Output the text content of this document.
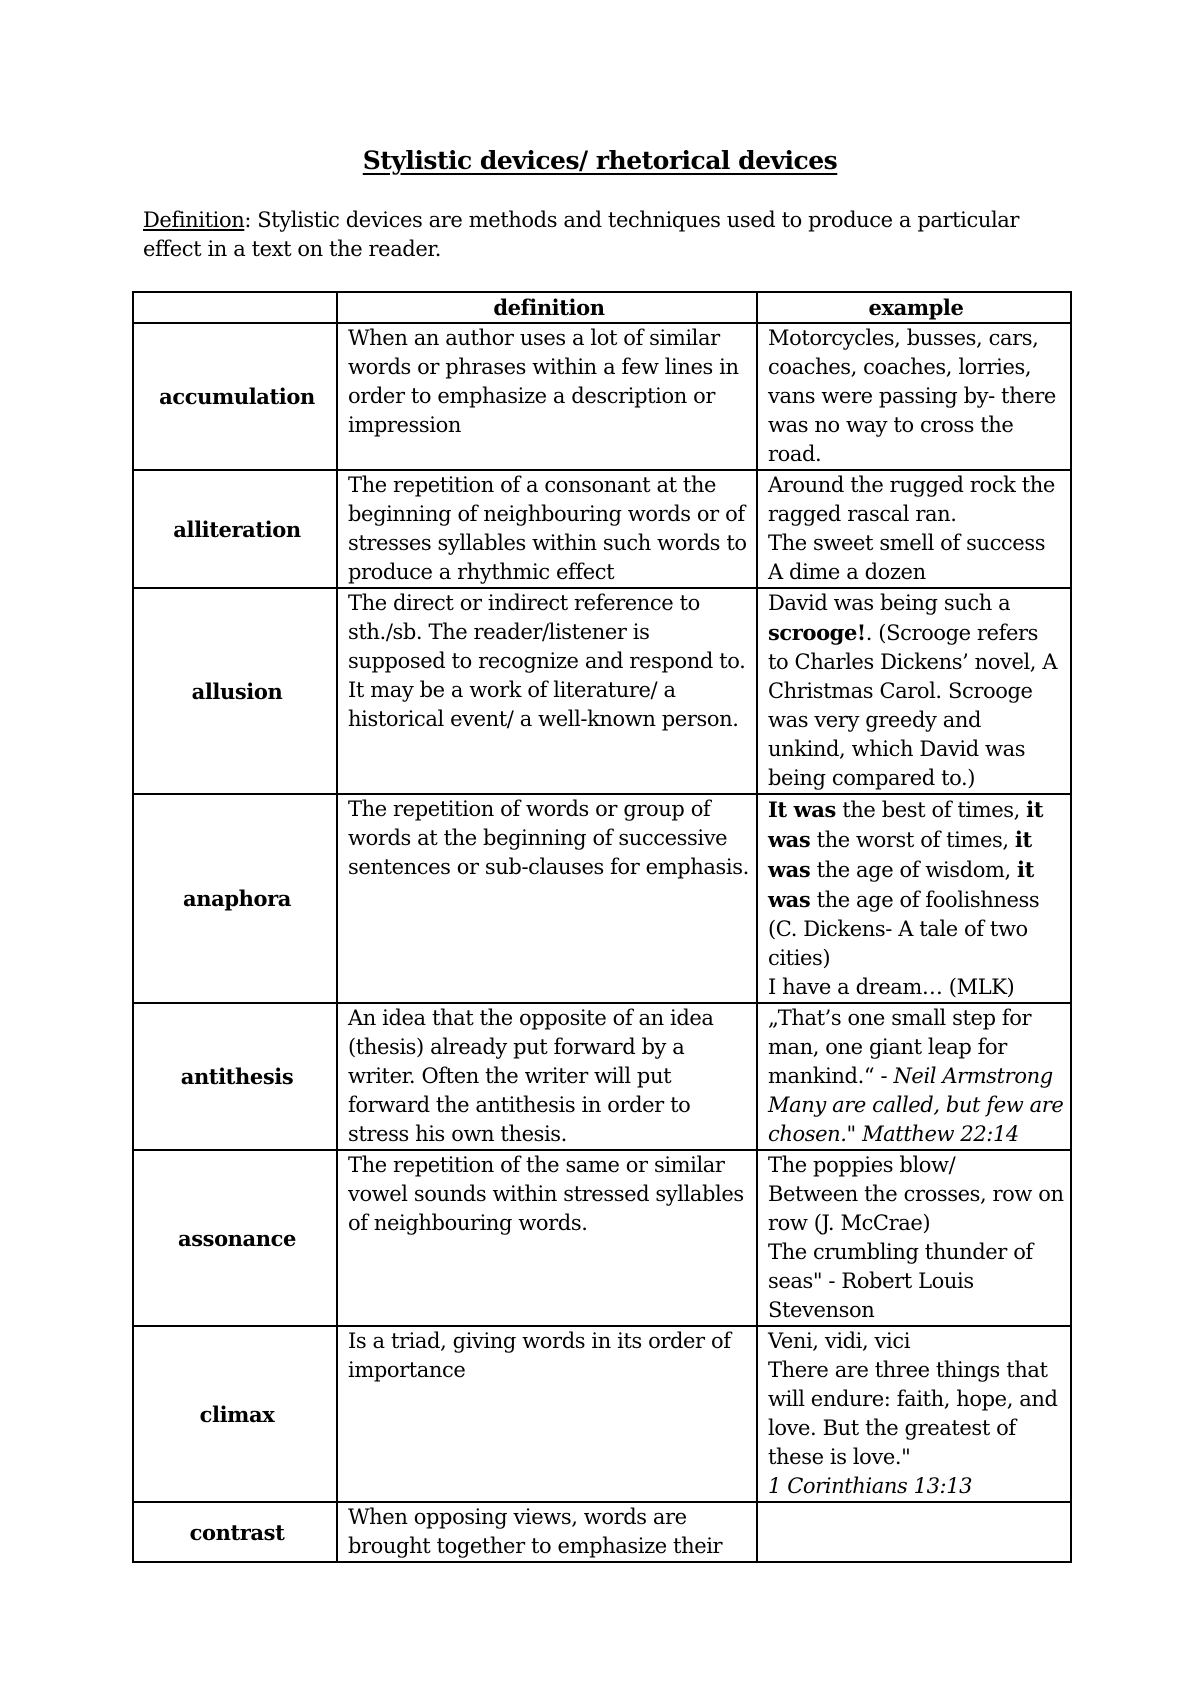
Stylistic devices/ rhetorical devices
Definition: Stylistic devices are methods and techniques used to produce a particular effect in a text on the reader.
	definition	example
accumulation	When an author uses a lot of similar words or phrases within a few lines in order to emphasize a description or impression	Motorcycles, busses, cars, coaches, coaches, lorries, vans were passing by- there was no way to cross the road.
alliteration	The repetition of a consonant at the beginning of neighbouring words or of stresses syllables within such words to produce a rhythmic effect	Around the rugged rock the ragged rascal ran.
The sweet smell of success
A dime a dozen

allusion	The direct or indirect reference to sth./sb. The reader/listener is supposed to recognize and respond to. It may be a work of literature/ a historical event/ a well-known person.	David was being such a scrooge!. (Scrooge refers to Charles Dickens’ novel, A Christmas Carol. Scrooge was very greedy and unkind, which David was being compared to.)
anaphora	The repetition of words or group of words at the beginning of successive sentences or sub-clauses for emphasis.	It was the best of times, it was the worst of times, it was the age of wisdom, it was the age of foolishness
(C. Dickens- A tale of two cities)
I have a dream… (MLK)

antithesis	An idea that the opposite of an idea (thesis) already put forward by a writer. Often the writer will put forward the antithesis in order to stress his own thesis.	„That’s one small step for man, one giant leap for mankind.“ - Neil Armstrong
Many are called, but few are chosen." Matthew 22:14

assonance	The repetition of the same or similar vowel sounds within stressed syllables of neighbouring words.	The poppies blow/
Between the crosses, row on row (J. McCrae)
The crumbling thunder of seas" - Robert Louis Stevenson

climax	Is a triad, giving words in its order of importance	Veni, vidi, vici
There are three things that will endure: faith, hope, and love. But the greatest of these is love."
1 Corinthians 13:13

contrast	When opposing views, words are brought together to emphasize their	
